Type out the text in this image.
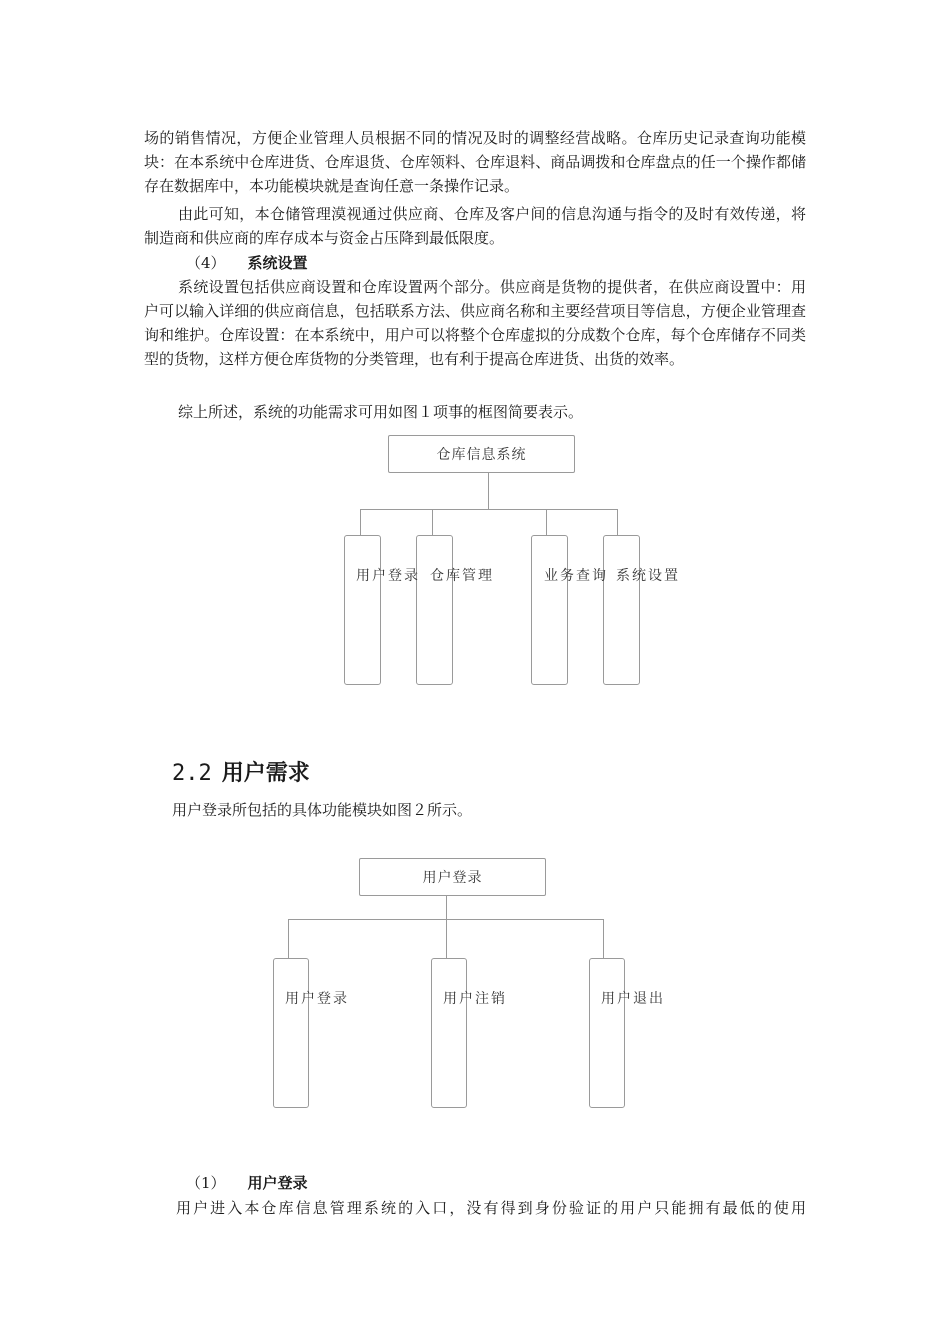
场的销售情况，方便企业管理人员根据不同的情况及时的调整经营战略。仓库历史记录查询功能模块：在本系统中仓库进货、仓库退货、仓库领料、仓库退料、商品调拨和仓库盘点的任一个操作都储存在数据库中，本功能模块就是查询任意一条操作记录。

由此可知，本仓储管理漠视通过供应商、仓库及客户间的信息沟通与指令的及时有效传递，将制造商和供应商的库存成本与资金占压降到最低限度。

（4） 系统设置

系统设置包括供应商设置和仓库设置两个部分。供应商是货物的提供者，在供应商设置中：用户可以输入详细的供应商信息，包括联系方法、供应商名称和主要经营项目等信息，方便企业管理查询和维护。仓库设置：在本系统中，用户可以将整个仓库虚拟的分成数个仓库，每个仓库储存不同类型的货物，这样方便仓库货物的分类管理，也有利于提高仓库进货、出货的效率。

综上所述，系统的功能需求可用如图１项事的框图简要表示。

仓库信息系统
用户登录 仓库管理	业务查询 系统设置
2.2 用户需求
用户登录所包括的具体功能模块如图２所示。
用户登录
用户登录	用户注销	用户退出
（1） 用户登录

用户进入本仓库信息管理系统的入口，没有得到身份验证的用户只能拥有最低的使用
